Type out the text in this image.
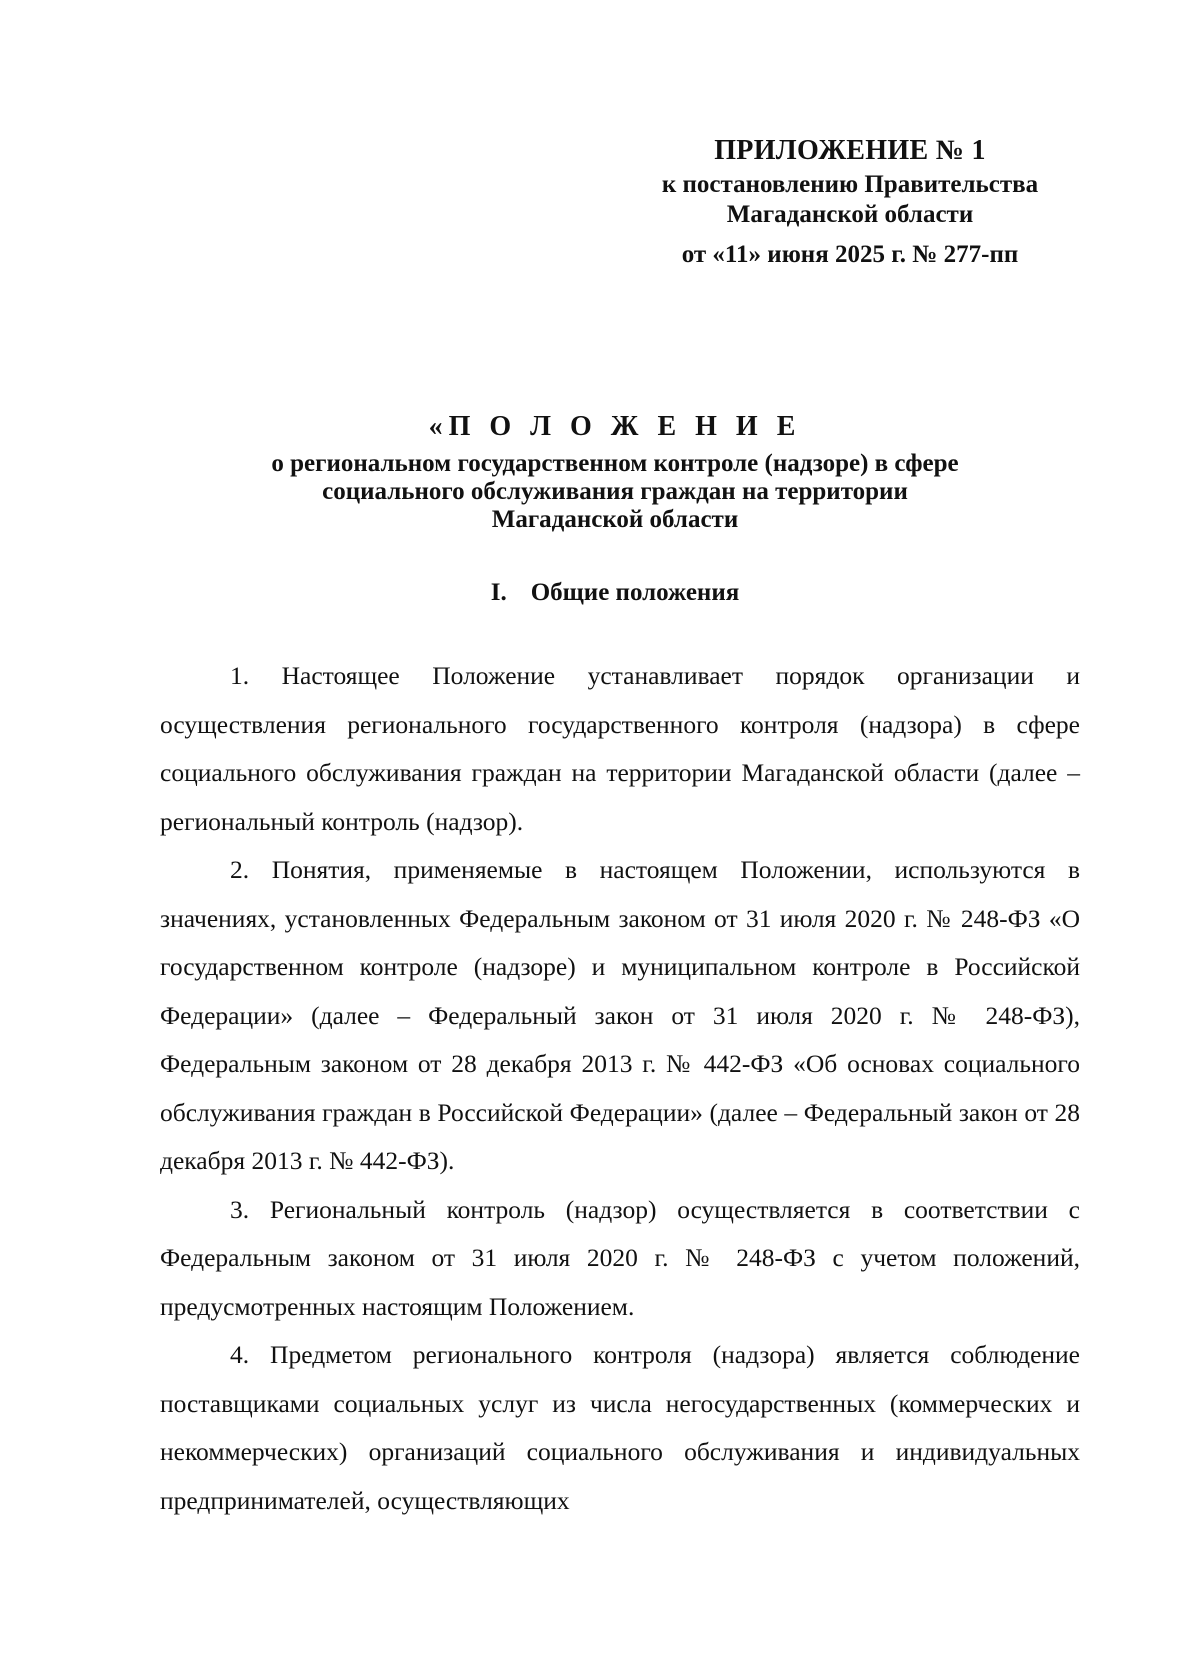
ПРИЛОЖЕНИЕ № 1
к постановлению Правительства
Магаданской области
от «11» июня 2025 г. № 277-пп
«П О Л О Ж Е Н И Е
о региональном государственном контроле (надзоре) в сфере
социального обслуживания граждан на территории
Магаданской области
I. Общие положения

1. Настоящее Положение устанавливает порядок организации и осуществления регионального государственного контроля (надзора) в сфере социального обслуживания граждан на территории Магаданской области (далее – региональный контроль (надзор).

2. Понятия, применяемые в настоящем Положении, используются в значениях, установленных Федеральным законом от 31 июля 2020 г. № 248-ФЗ «О государственном контроле (надзоре) и муниципальном контроле в Российской Федерации» (далее – Федеральный закон от 31 июля 2020 г. № 248-ФЗ), Федеральным законом от 28 декабря 2013 г. № 442-ФЗ «Об основах социального обслуживания граждан в Российской Федерации» (далее – Федеральный закон от 28 декабря 2013 г. № 442-ФЗ).

3. Региональный контроль (надзор) осуществляется в соответствии с Федеральным законом от 31 июля 2020 г. № 248-ФЗ с учетом положений, предусмотренных настоящим Положением.

4. Предметом регионального контроля (надзора) является соблюдение поставщиками социальных услуг из числа негосударственных (коммерческих и некоммерческих) организаций социального обслуживания и индивидуальных предпринимателей, осуществляющих
